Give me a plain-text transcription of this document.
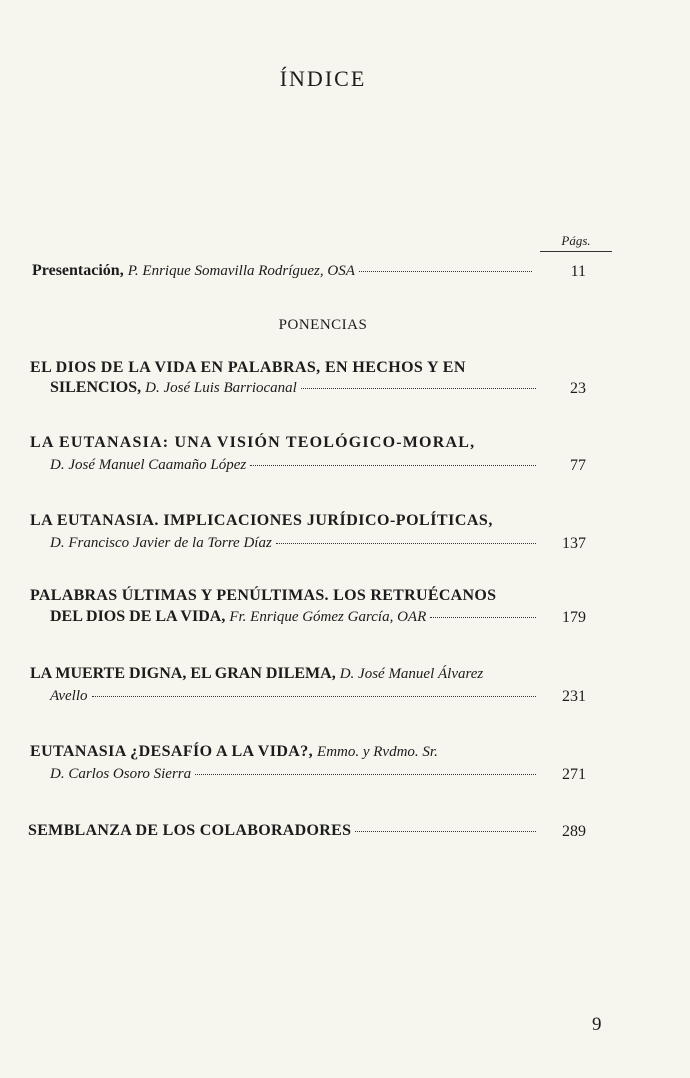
ÍNDICE
Págs.
Presentación,
P. Enrique Somavilla Rodríguez, OSA	11
PONENCIAS
EL DIOS DE LA VIDA EN PALABRAS, EN HECHOS Y EN
SILENCIOS,
D. José Luis Barriocanal	23
LA EUTANASIA: UNA VISIÓN TEOLÓGICO-MORAL,
D. José Manuel Caamaño López	77
LA EUTANASIA. IMPLICACIONES JURÍDICO-POLÍTICAS,
D. Francisco Javier de la Torre Díaz	137
PALABRAS ÚLTIMAS Y PENÚLTIMAS. LOS RETRUÉCANOS
DEL DIOS DE LA VIDA,
Fr. Enrique Gómez García, OAR	179
LA MUERTE DIGNA, EL GRAN DILEMA, D. José Manuel Álvarez
Avello	231
EUTANASIA ¿DESAFÍO A LA VIDA?, Emmo. y Rvdmo. Sr.
D. Carlos Osoro Sierra	271
SEMBLANZA DE LOS COLABORADORES	289
9
